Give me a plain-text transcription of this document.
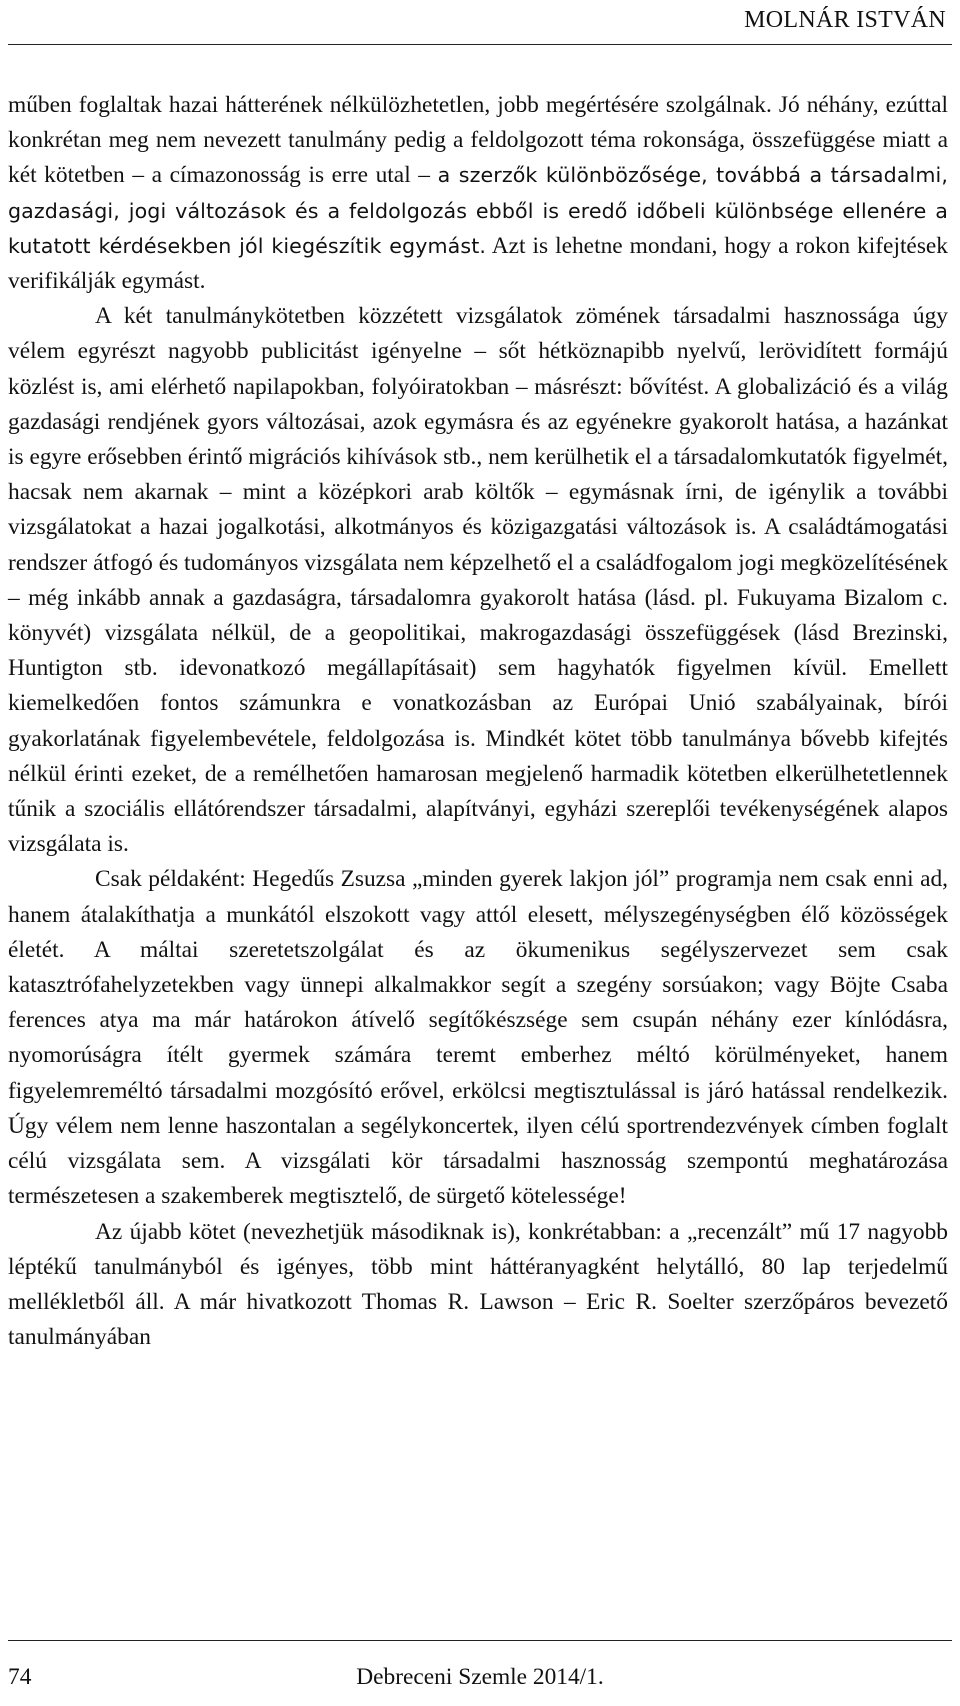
MOLNÁR ISTVÁN

műben foglaltak hazai hátterének nélkülözhetetlen, jobb megértésére szolgálnak. Jó néhány, ezúttal konkrétan meg nem nevezett tanulmány pedig a feldolgozott téma rokonsága, összefüggése miatt a két kötetben – a címazonosság is erre utal – a szerzők különbözősége, továbbá a társadalmi, gazdasági, jogi változások és a feldolgozás ebből is eredő időbeli különbsége ellenére a kutatott kérdésekben jól kiegészítik egymást. Azt is lehetne mondani, hogy a rokon kifejtések verifikálják egymást.

A két tanulmánykötetben közzétett vizsgálatok zömének társadalmi hasznossága úgy vélem egyrészt nagyobb publicitást igényelne – sőt hétköznapibb nyelvű, lerövidített formájú közlést is, ami elérhető napilapokban, folyóiratokban – másrészt: bővítést. A globalizáció és a világ gazdasági rendjének gyors változásai, azok egymásra és az egyénekre gyakorolt hatása, a hazánkat is egyre erősebben érintő migrációs kihívások stb., nem kerülhetik el a társadalomkutatók figyelmét, hacsak nem akarnak – mint a középkori arab költők – egymásnak írni, de igénylik a további vizsgálatokat a hazai jogalkotási, alkotmányos és közigazgatási változások is. A családtámogatási rendszer átfogó és tudományos vizsgálata nem képzelhető el a családfogalom jogi megközelítésének – még inkább annak a gazdaságra, társadalomra gyakorolt hatása (lásd. pl. Fukuyama Bizalom c. könyvét) vizsgálata nélkül, de a geopolitikai, makrogazdasági összefüggések (lásd Brezinski, Huntigton stb. idevonatkozó megállapításait) sem hagyhatók figyelmen kívül. Emellett kiemelkedően fontos számunkra e vonatkozásban az Európai Unió szabályainak, bírói gyakorlatának figyelembevétele, feldolgozása is. Mindkét kötet több tanulmánya bővebb kifejtés nélkül érinti ezeket, de a remélhetően hamarosan megjelenő harmadik kötetben elkerülhetetlennek tűnik a szociális ellátórendszer társadalmi, alapítványi, egyházi szereplői tevékenységének alapos vizsgálata is.

Csak példaként: Hegedűs Zsuzsa „minden gyerek lakjon jól” programja nem csak enni ad, hanem átalakíthatja a munkától elszokott vagy attól elesett, mélyszegénységben élő közösségek életét. A máltai szeretetszolgálat és az ökumenikus segélyszervezet sem csak katasztrófahelyzetekben vagy ünnepi alkalmakkor segít a szegény sorsúakon; vagy Böjte Csaba ferences atya ma már határokon átívelő segítőkészsége sem csupán néhány ezer kínlódásra, nyomorúságra ítélt gyermek számára teremt emberhez méltó körülményeket, hanem figyelemreméltó társadalmi mozgósító erővel, erkölcsi megtisztulással is járó hatással rendelkezik. Úgy vélem nem lenne haszontalan a segélykoncertek, ilyen célú sportrendezvények címben foglalt célú vizsgálata sem. A vizsgálati kör társadalmi hasznosság szempontú meghatározása természetesen a szakemberek megtisztelő, de sürgető kötelessége!

Az újabb kötet (nevezhetjük másodiknak is), konkrétabban: a „recenzált” mű 17 nagyobb léptékű tanulmányból és igényes, több mint háttéranyagként helytálló, 80 lap terjedelmű mellékletből áll. A már hivatkozott Thomas R. Lawson – Eric R. Soelter szerzőpáros bevezető tanulmányában

74	Debreceni Szemle 2014/1.
